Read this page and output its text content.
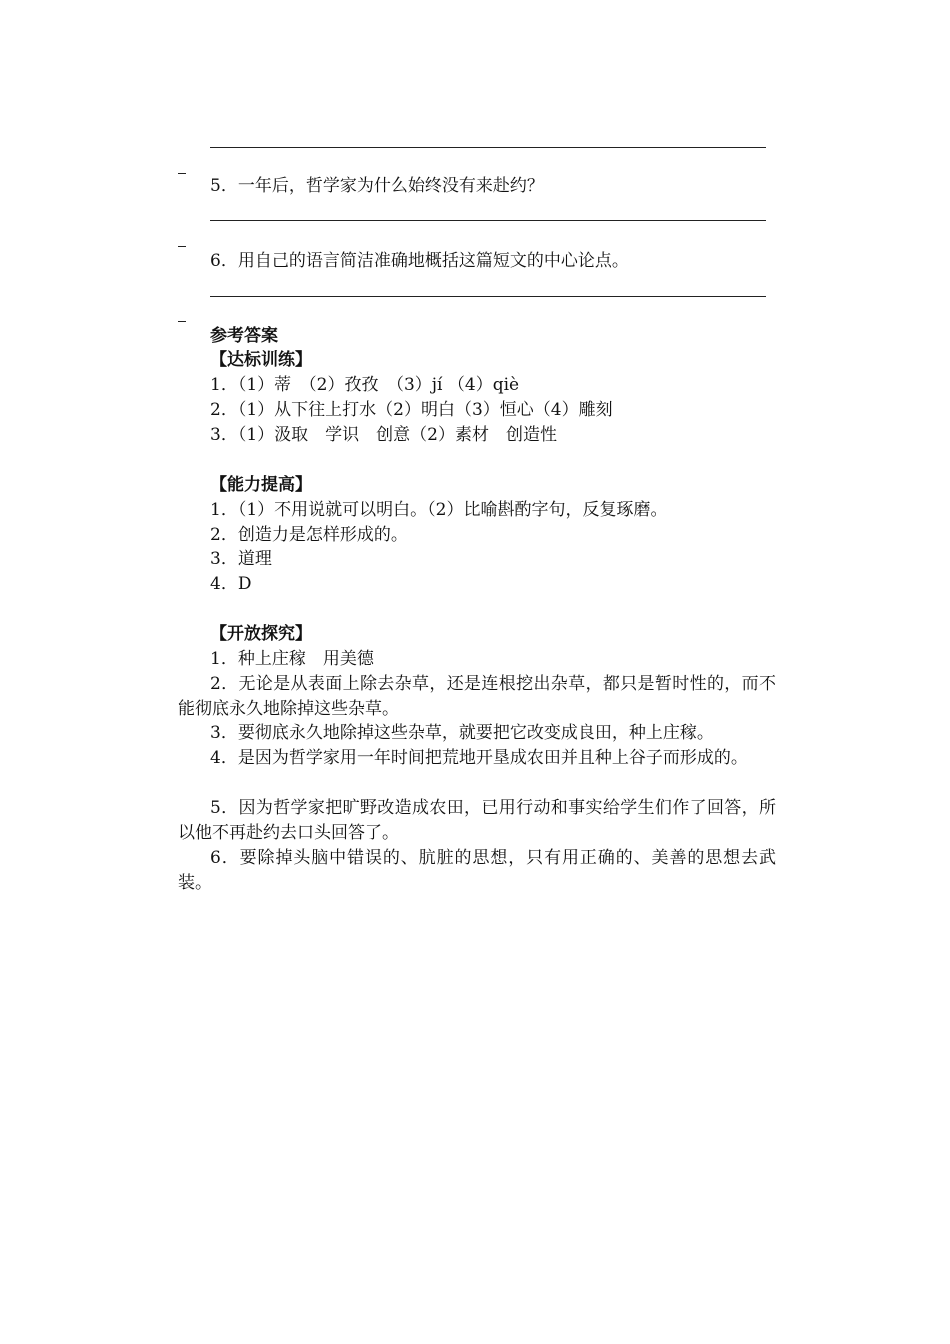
5．一年后，哲学家为什么始终没有来赴约？
6．用自己的语言简洁准确地概括这篇短文的中心论点。
参考答案
【达标训练】
1．（1）蒂　（2）孜孜　（3）jí （4）qiè
2．（1）从下往上打水（2）明白（3）恒心（4）雕刻
3．（1）汲取　学识　创意（2）素材　创造性
【能力提高】
1．（1）不用说就可以明白。（2）比喻斟酌字句，反复琢磨。
2．创造力是怎样形成的。
3．道理
4．D
【开放探究】
1．种上庄稼　用美德
2．无论是从表面上除去杂草，还是连根挖出杂草，都只是暂时性的，而不能彻底永久地除掉这些杂草。
3．要彻底永久地除掉这些杂草，就要把它改变成良田，种上庄稼。
4．是因为哲学家用一年时间把荒地开垦成农田并且种上谷子而形成的。
5．因为哲学家把旷野改造成农田，已用行动和事实给学生们作了回答，所以他不再赴约去口头回答了。
6．要除掉头脑中错误的、肮脏的思想，只有用正确的、美善的思想去武装。
